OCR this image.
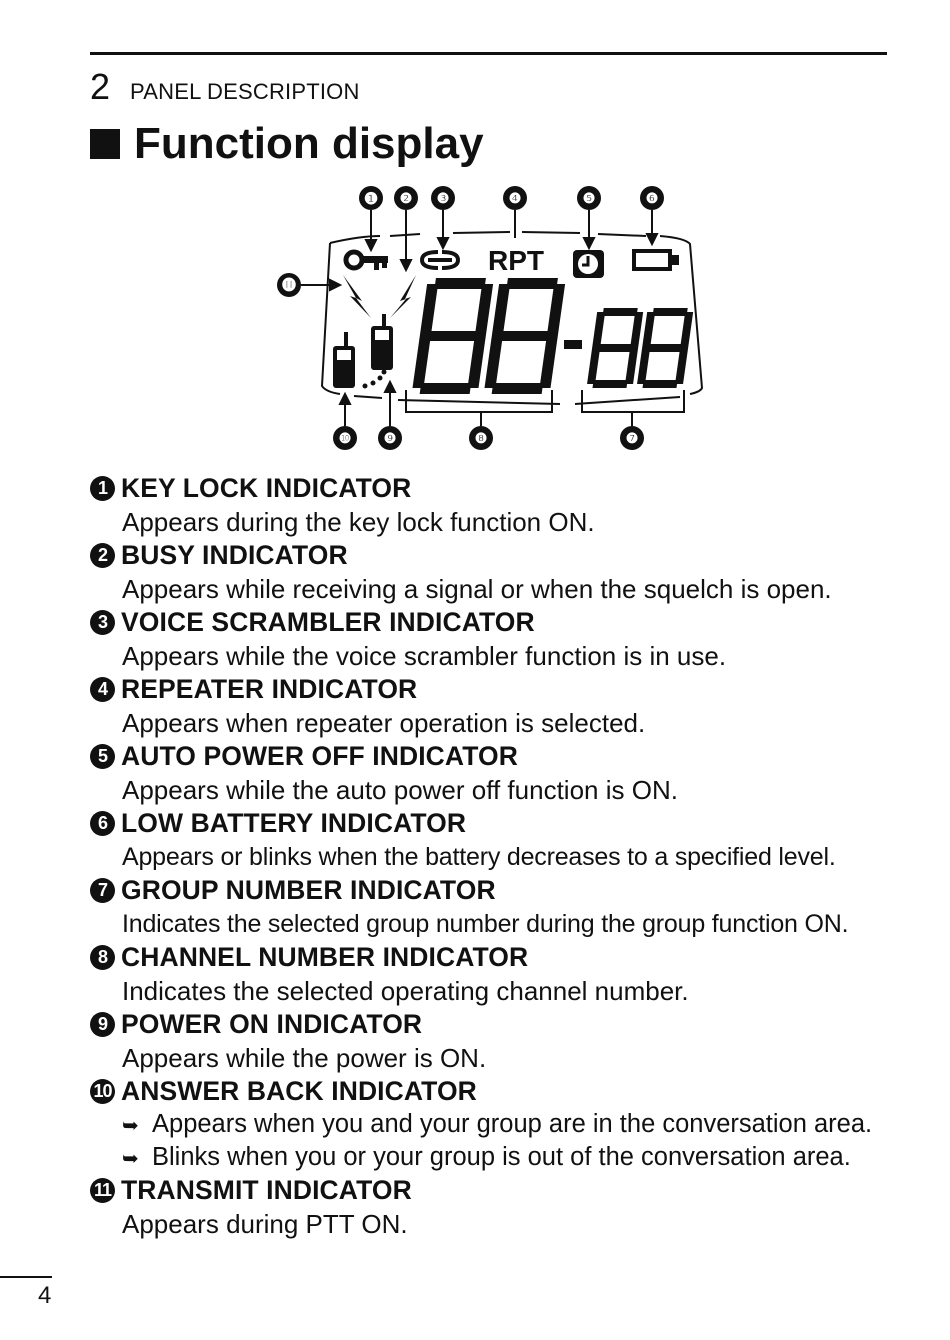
2 PANEL DESCRIPTION
Function display
❶ ❷ ❸	❹	❺	❻
⓫
❿ ❾	❽	❼
RPT
1 KEY LOCK INDICATOR
Appears during the key lock function ON.
2 BUSY INDICATOR
Appears while receiving a signal or when the squelch is open.
3 VOICE SCRAMBLER INDICATOR
Appears while the voice scrambler function is in use.
4 REPEATER INDICATOR
Appears when repeater operation is selected.
5 AUTO POWER OFF INDICATOR
Appears while the auto power off function is ON.
6 LOW BATTERY INDICATOR
Appears or blinks when the battery decreases to a specified level.
7 GROUP NUMBER INDICATOR
Indicates the selected group number during the group function ON.
8 CHANNEL NUMBER INDICATOR
Indicates the selected operating channel number.
9 POWER ON INDICATOR
Appears while the power is ON.
10 ANSWER BACK INDICATOR
➥ Appears when you and your group are in the conversation area.
➥ Blinks when you or your group is out of the conversation area.
11 TRANSMIT INDICATOR
Appears during PTT ON.
4
